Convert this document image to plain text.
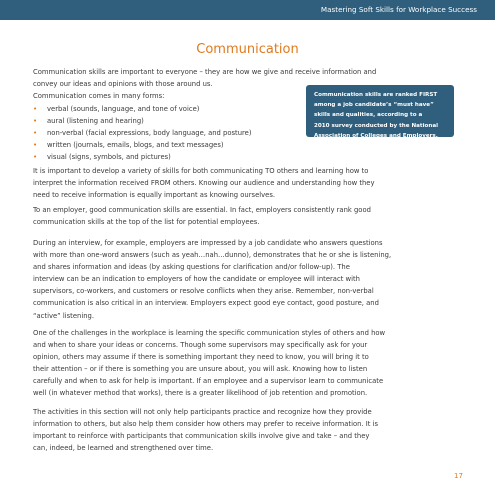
Mastering Soft Skills for Workplace Success
Communication
Communication skills are important to everyone – they are how we give and receive information and
convey our ideas and opinions with those around us.
Communication comes in many forms:
• verbal (sounds, language, and tone of voice)
• aural (listening and hearing)
• non-verbal (facial expressions, body language, and posture)
• written (journals, emails, blogs, and text messages)
• visual (signs, symbols, and pictures)
Communication skills are ranked FIRST
among a job candidate’s “must have”
skills and qualities, according to a
2010 survey conducted by the National
Association of Colleges and Employers.
It is important to develop a variety of skills for both communicating TO others and learning how to
interpret the information received FROM others. Knowing our audience and understanding how they
need to receive information is equally important as knowing ourselves.
To an employer, good communication skills are essential. In fact, employers consistently rank good
communication skills at the top of the list for potential employees.
During an interview, for example, employers are impressed by a job candidate who answers questions
with more than one-word answers (such as yeah…nah…dunno), demonstrates that he or she is listening,
and shares information and ideas (by asking questions for clarification and/or follow-up). The
interview can be an indication to employers of how the candidate or employee will interact with
supervisors, co-workers, and customers or resolve conflicts when they arise. Remember, non-verbal
communication is also critical in an interview. Employers expect good eye contact, good posture, and
“active” listening.
One of the challenges in the workplace is learning the specific communication styles of others and how
and when to share your ideas or concerns. Though some supervisors may specifically ask for your
opinion, others may assume if there is something important they need to know, you will bring it to
their attention – or if there is something you are unsure about, you will ask. Knowing how to listen
carefully and when to ask for help is important. If an employee and a supervisor learn to communicate
well (in whatever method that works), there is a greater likelihood of job retention and promotion.
The activities in this section will not only help participants practice and recognize how they provide
information to others, but also help them consider how others may prefer to receive information. It is
important to reinforce with participants that communication skills involve give and take – and they
can, indeed, be learned and strengthened over time.
17
